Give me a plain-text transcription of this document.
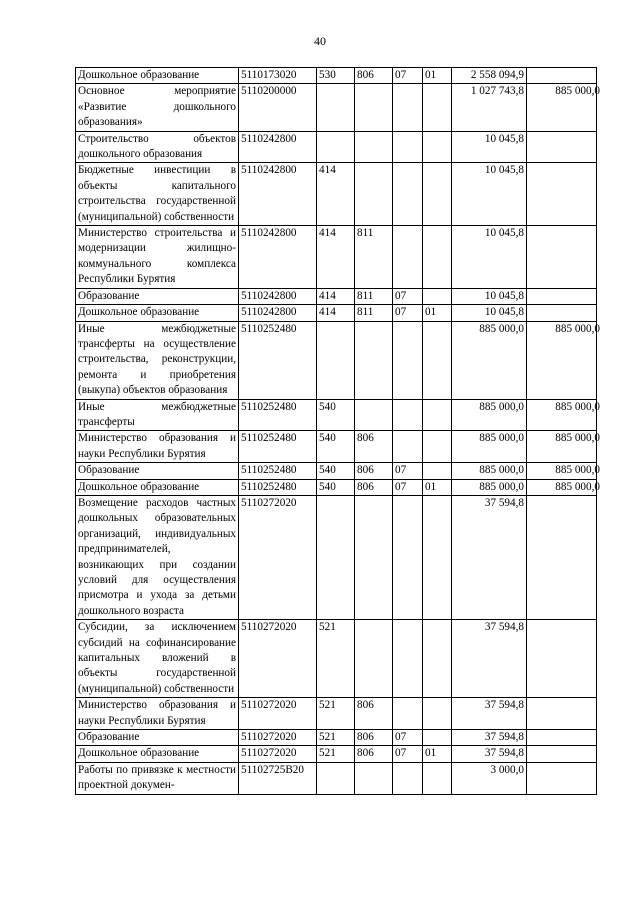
40
Дошкольное образование	5110173020	530	806	07	01	2 558 094,9	
Основное мероприятие «Развитие дошкольного образования»	5110200000					1 027 743,8	885 000,0
Строительство объектов дошкольного образования	5110242800					10 045,8	
Бюджетные инвестиции в объекты капитального строительства государственной (муниципальной) собственности	5110242800	414				10 045,8	
Министерство строительства и модернизации жилищно-коммунального комплекса Республики Бурятия	5110242800	414	811			10 045,8	
Образование	5110242800	414	811	07		10 045,8	
Дошкольное образование	5110242800	414	811	07	01	10 045,8	
Иные межбюджетные трансферты на осуществление строительства, реконструкции, ремонта и приобретения (выкупа) объектов образования	5110252480					885 000,0	885 000,0
Иные межбюджетные трансферты	5110252480	540				885 000,0	885 000,0
Министерство образования и науки Республики Бурятия	5110252480	540	806			885 000,0	885 000,0
Образование	5110252480	540	806	07		885 000,0	885 000,0
Дошкольное образование	5110252480	540	806	07	01	885 000,0	885 000,0
Возмещение расходов частных дошкольных образовательных организаций, индивидуальных предпринимателей, возникающих при создании условий для осуществления присмотра и ухода за детьми дошкольного возраста	5110272020					37 594,8	
Субсидии, за исключением субсидий на софинансирование капитальных вложений в объекты государственной (муниципальной) собственности	5110272020	521				37 594,8	
Министерство образования и науки Республики Бурятия	5110272020	521	806			37 594,8	
Образование	5110272020	521	806	07		37 594,8	
Дошкольное образование	5110272020	521	806	07	01	37 594,8	
Работы по привязке к местности проектной докумен-	51102725В20					3 000,0	
